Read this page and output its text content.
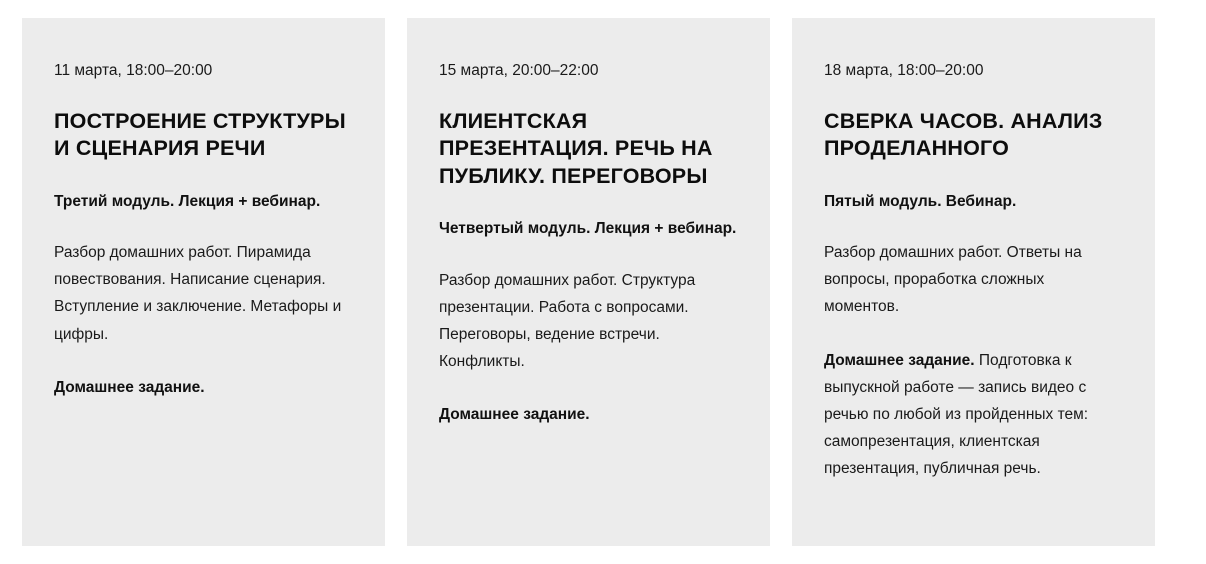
11 марта, 18:00–20:00
ПОСТРОЕНИЕ СТРУКТУРЫ И СЦЕНАРИЯ РЕЧИ
Третий модуль. Лекция + вебинар.
Разбор домашних работ. Пирамида повествования. Написание сценария. Вступление и заключение. Метафоры и цифры.
Домашнее задание.
15 марта, 20:00–22:00
КЛИЕНТСКАЯ ПРЕЗЕНТАЦИЯ. РЕЧЬ НА ПУБЛИКУ. ПЕРЕГОВОРЫ
Четвертый модуль. Лекция + вебинар.
Разбор домашних работ. Структура презентации. Работа с вопросами. Переговоры, ведение встречи. Конфликты.
Домашнее задание.
18 марта, 18:00–20:00
СВЕРКА ЧАСОВ. АНАЛИЗ ПРОДЕЛАННОГО
Пятый модуль. Вебинар.
Разбор домашних работ. Ответы на вопросы, проработка сложных моментов.
Домашнее задание. Подготовка к выпускной работе — запись видео с речью по любой из пройденных тем: самопрезентация, клиентская презентация, публичная речь.
